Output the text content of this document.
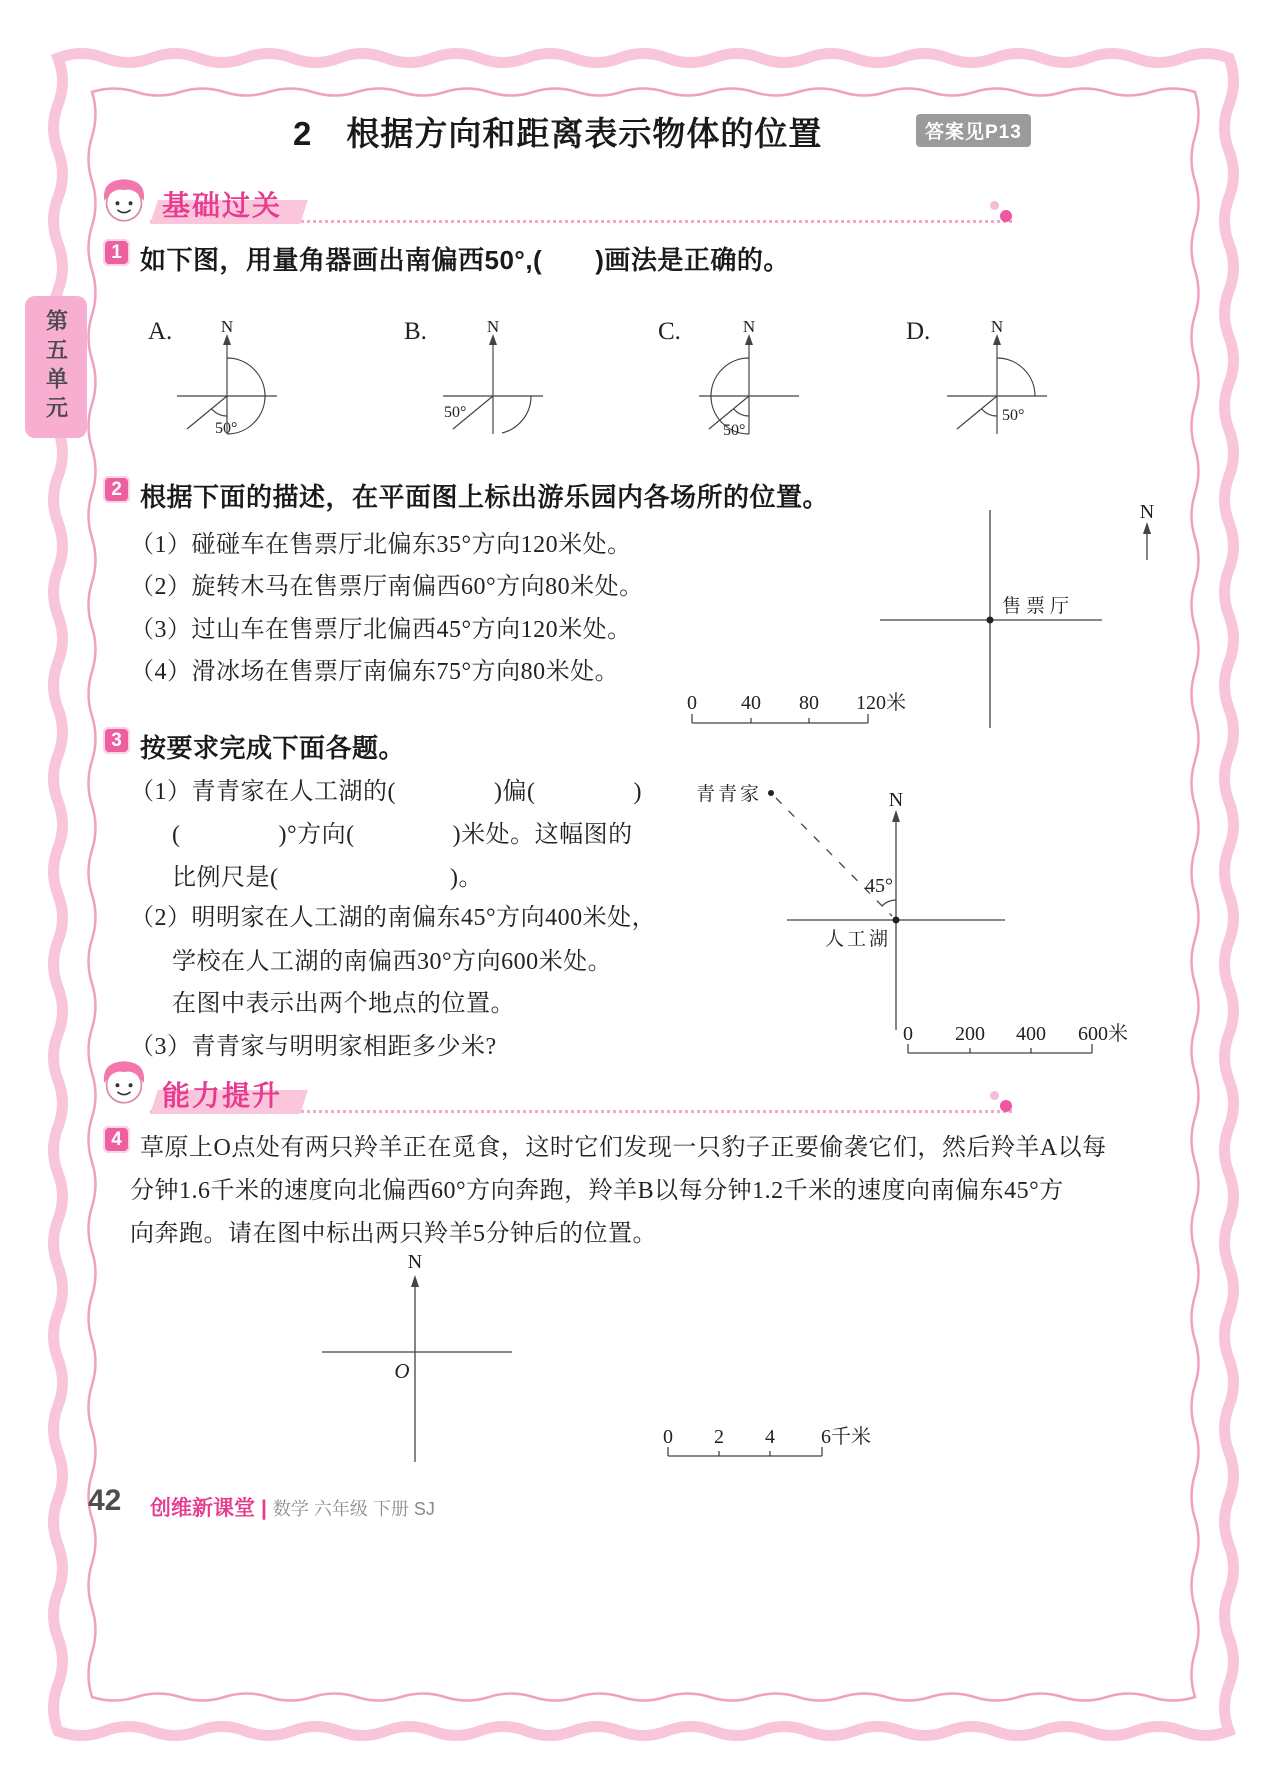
第五单元
2　根据方向和距离表示物体的位置	答案见P13
基础过关
1 如下图，用量角器画出南偏西50°,(　　)画法是正确的。
A.	B.	C.	D.
N
50°
N
50°
N
50°
N
50°
2 根据下面的描述，在平面图上标出游乐园内各场所的位置。
（1）碰碰车在售票厅北偏东35°方向120米处。
（2）旋转木马在售票厅南偏西60°方向80米处。
（3）过山车在售票厅北偏西45°方向120米处。
（4）滑冰场在售票厅南偏东75°方向80米处。
N
售票厅
0 40 80 120米
3 按要求完成下面各题。
（1）青青家在人工湖的(　　　　)偏(　　　　)
(　　　　)°方向(　　　　)米处。这幅图的
比例尺是(　　　　　　　)。
（2）明明家在人工湖的南偏东45°方向400米处，
学校在人工湖的南偏西30°方向600米处。
在图中表示出两个地点的位置。
（3）青青家与明明家相距多少米?
N
青青家
45°
人工湖
0 200 400 600米
能力提升
4 草原上O点处有两只羚羊正在觅食，这时它们发现一只豹子正要偷袭它们，然后羚羊A以每
分钟1.6千米的速度向北偏西60°方向奔跑，羚羊B以每分钟1.2千米的速度向南偏东45°方
向奔跑。请在图中标出两只羚羊5分钟后的位置。
N
O
0 2 4 6千米
42 创维新课堂 | 数学 六年级 下册 SJ
